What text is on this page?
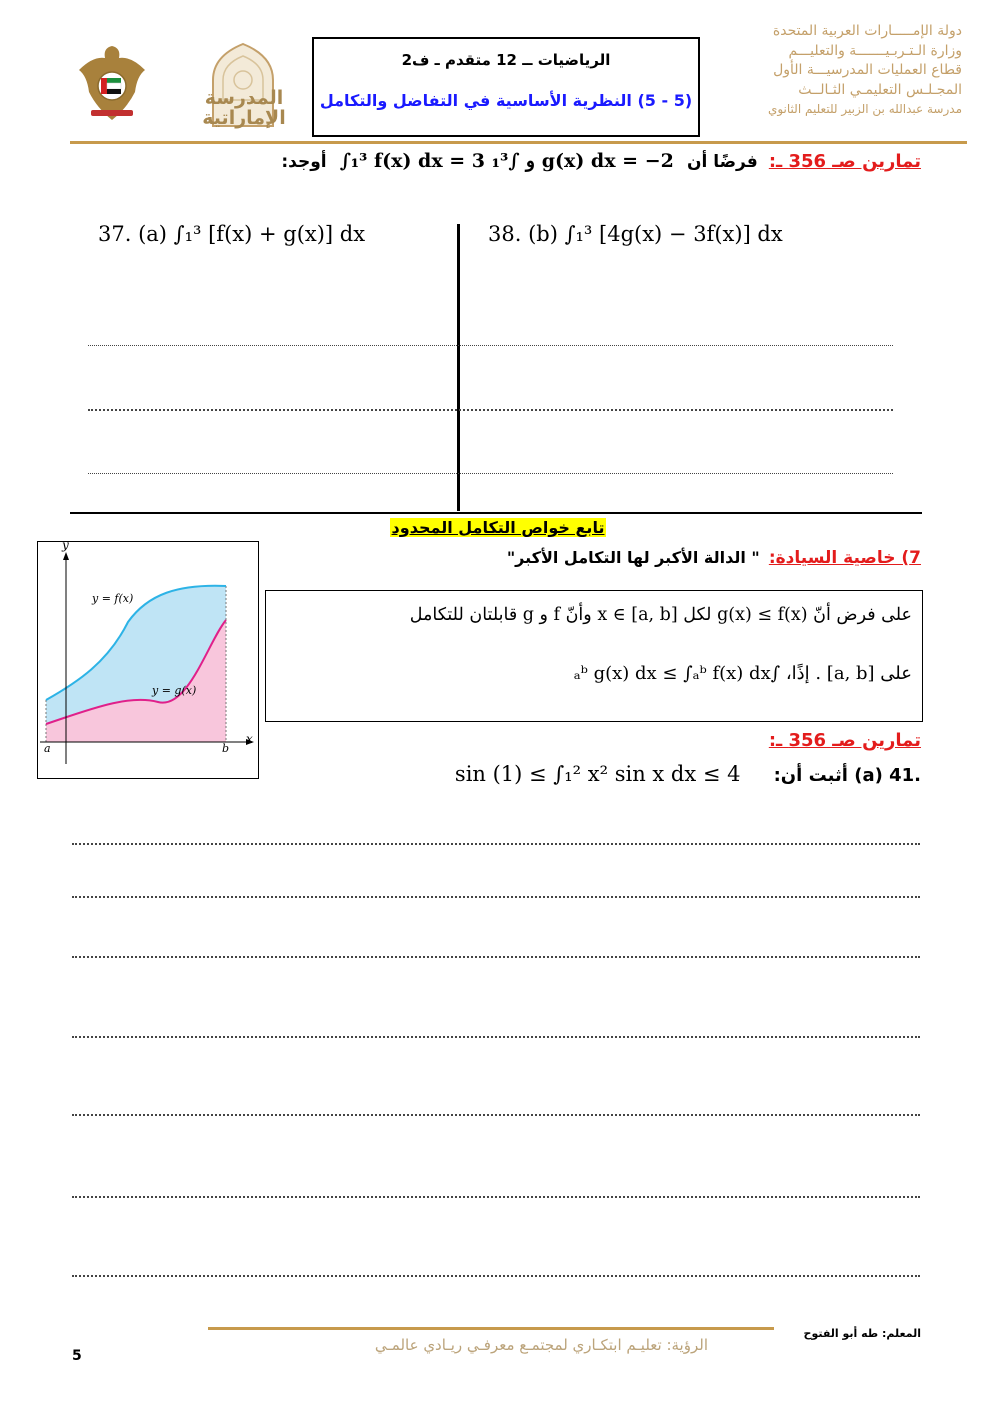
دولة الإمـــــارات العربية المتحدة
وزارة الـتـربـيـــــــة والتعليـــم
قطاع العمليات المدرسيـــة الأول
المجـلـس التعليمـي الثـالــث
مدرسة عبدالله بن الزبير للتعليم الثانوي
الرياضيات ــ 12 متقدم ـ ف2
(5 - 5) النظرية الأساسية في التفاضل والتكامل
المدرسة الإماراتية
تمارين صـ 356 ـ: فرضًا أن ∫₁³ f(x) dx = 3 و ∫₁³ g(x) dx = −2 أوجد:
37. (a) ∫₁³ [f(x) + g(x)] dx	38. (b) ∫₁³ [4g(x) − 3f(x)] dx
تابع خواص التكامل المحدود
7) خاصية السيادة: " الدالة الأكبر لها التكامل الأكبر"
y
x
a	b
y = f(x)
y = g(x)
على فرض أنّ g(x) ≤ f(x) لكل x ∈ [a, b] وأنّ f و g قابلتان للتكامل
على [a, b] . إذًا، ∫ₐᵇ g(x) dx ≤ ∫ₐᵇ f(x) dx
تمارين صـ 356 ـ:
.41 (a) أثبت أن: sin (1) ≤ ∫₁² x² sin x dx ≤ 4
الرؤية: تعليـم ابتكـاري لمجتمـع معرفـي ريـادي عالمـي
المعلم: طه أبو الفتوح
5
